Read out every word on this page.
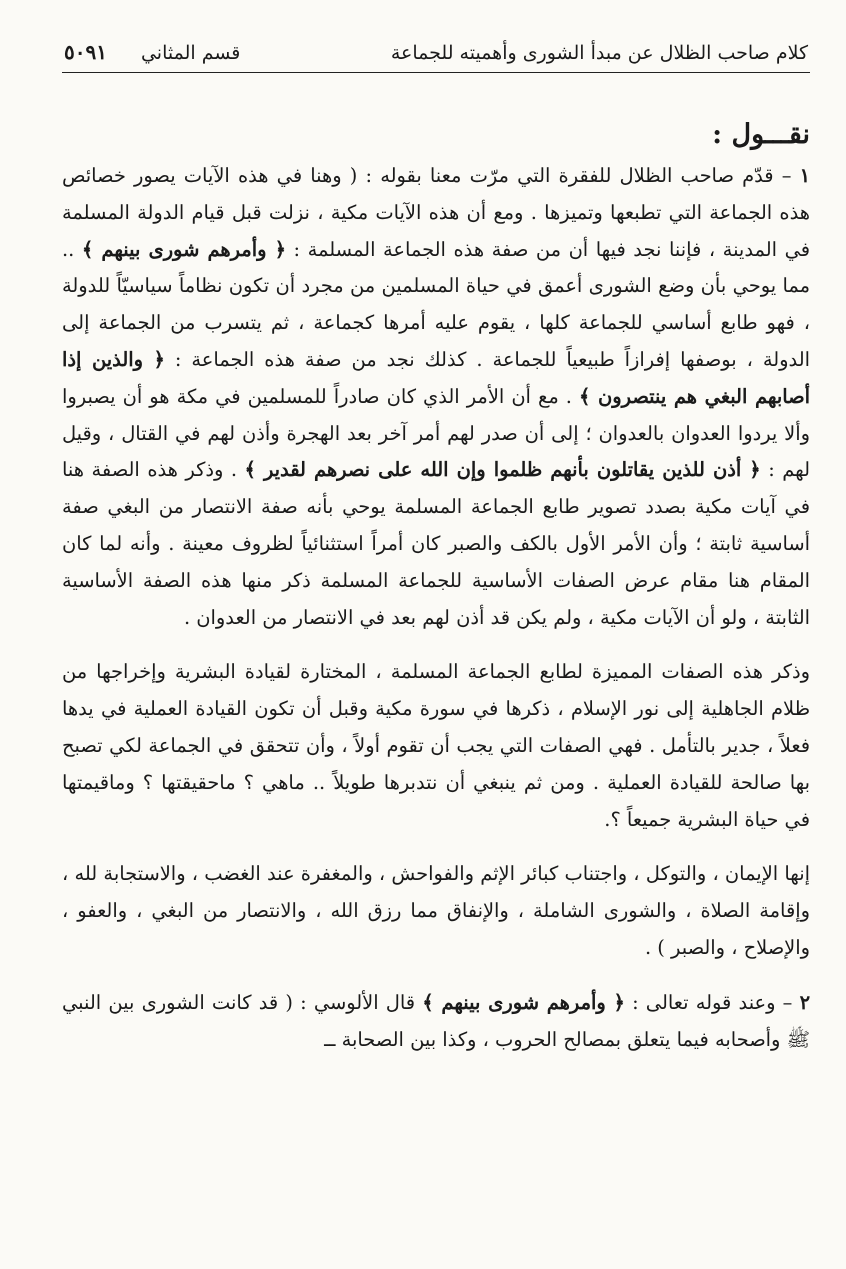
كلام صاحب الظلال عن مبدأ الشورى وأهميته للجماعة
قسم المثاني
٥٠٩١
نقـــول :

١ – قدّم صاحب الظلال للفقرة التي مرّت معنا بقوله : ( وهنا في هذه الآيات يصور خصائص هذه الجماعة التي تطبعها وتميزها . ومع أن هذه الآيات مكية ، نزلت قبل قيام الدولة المسلمة في المدينة ، فإننا نجد فيها أن من صفة هذه الجماعة المسلمة : ﴿ وأمرهم شورى بينهم ﴾ .. مما يوحي بأن وضع الشورى أعمق في حياة المسلمين من مجرد أن تكون نظاماً سياسيّاً للدولة ، فهو طابع أساسي للجماعة كلها ، يقوم عليه أمرها كجماعة ، ثم يتسرب من الجماعة إلى الدولة ، بوصفها إفرازاً طبيعياً للجماعة . كذلك نجد من صفة هذه الجماعة : ﴿ والذين إذا أصابهم البغي هم ينتصرون ﴾ . مع أن الأمر الذي كان صادراً للمسلمين في مكة هو أن يصبروا وألا يردوا العدوان بالعدوان ؛ إلى أن صدر لهم أمر آخر بعد الهجرة وأذن لهم في القتال ، وقيل لهم : ﴿ أذن للذين يقاتلون بأنهم ظلموا وإن الله على نصرهم لقدير ﴾ . وذكر هذه الصفة هنا في آيات مكية بصدد تصوير طابع الجماعة المسلمة يوحي بأنه صفة الانتصار من البغي صفة أساسية ثابتة ؛ وأن الأمر الأول بالكف والصبر كان أمراً استثنائياً لظروف معينة . وأنه لما كان المقام هنا مقام عرض الصفات الأساسية للجماعة المسلمة ذكر منها هذه الصفة الأساسية الثابتة ، ولو أن الآيات مكية ، ولم يكن قد أذن لهم بعد في الانتصار من العدوان .

وذكر هذه الصفات المميزة لطابع الجماعة المسلمة ، المختارة لقيادة البشرية وإخراجها من ظلام الجاهلية إلى نور الإسلام ، ذكرها في سورة مكية وقبل أن تكون القيادة العملية في يدها فعلاً ، جدير بالتأمل . فهي الصفات التي يجب أن تقوم أولاً ، وأن تتحقق في الجماعة لكي تصبح بها صالحة للقيادة العملية . ومن ثم ينبغي أن نتدبرها طويلاً .. ماهي ؟ ماحقيقتها ؟ وماقيمتها في حياة البشرية جميعاً ؟.

إنها الإيمان ، والتوكل ، واجتناب كبائر الإثم والفواحش ، والمغفرة عند الغضب ، والاستجابة لله ، وإقامة الصلاة ، والشورى الشاملة ، والإنفاق مما رزق الله ، والانتصار من البغي ، والعفو ، والإصلاح ، والصبر ) .

٢ – وعند قوله تعالى : ﴿ وأمرهم شورى بينهم ﴾ قال الألوسي : ( قد كانت الشورى بين النبي ﷺ وأصحابه فيما يتعلق بمصالح الحروب ، وكذا بين الصحابة ــ
